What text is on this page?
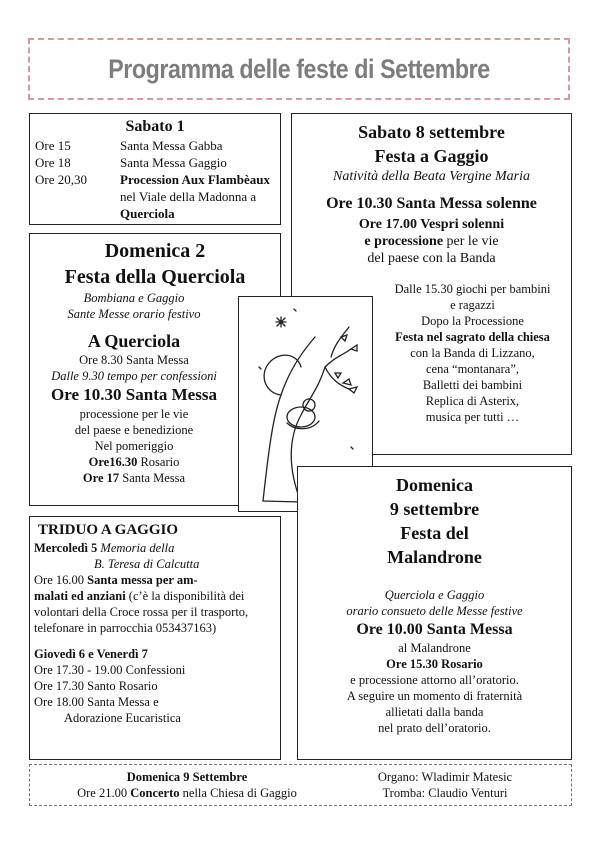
Programma delle feste di Settembre
Sabato 1
Ore 15	Santa Messa Gabba
Ore 18	Santa Messa Gaggio
Ore 20,30	Procession Aux Flambèaux nel Viale della Madonna a Querciola
Sabato 8 settembre
Festa a Gaggio
Natività della Beata Vergine Maria
Ore 10.30 Santa Messa solenne
Ore 17.00 Vespri solenni
e processione per le vie
del paese con la Banda
Dalle 15.30 giochi per bambini
e ragazzi
Dopo la Processione
Festa nel sagrato della chiesa
con la Banda di Lizzano,
cena “montanara”,
Balletti dei bambini
Replica di Asterix,
musica per tutti …
Domenica 2
Festa della Querciola
Bombiana e Gaggio
Sante Messe orario festivo
A Querciola
Ore 8.30 Santa Messa
Dalle 9.30 tempo per confessioni
Ore 10.30 Santa Messa
processione per le vie
del paese e benedizione
Nel pomeriggio
Ore16.30 Rosario
Ore 17 Santa Messa
TRIDUO A GAGGIO
Mercoledì 5 Memoria della
B. Teresa di Calcutta
Ore 16.00 Santa messa per am-
malati ed anziani (c’è la disponibilità dei
volontari della Croce rossa per il trasporto,
telefonare in parrocchia 053437163)
Giovedì 6 e Venerdì 7
Ore 17.30 - 19.00 Confessioni
Ore 17.30 Santo Rosario
Ore 18.00 Santa Messa e
Adorazione Eucaristica
Domenica
9 settembre
Festa del
Malandrone
Querciola e Gaggio
orario consueto delle Messe festive
Ore 10.00 Santa Messa
al Malandrone
Ore 15.30 Rosario
e processione attorno all’oratorio.
A seguire un momento di fraternità
allietati dalla banda
nel prato dell’oratorio.
Domenica 9 Settembre
Ore 21.00 Concerto nella Chiesa di Gaggio
Organo: Wladimir Matesic
Tromba: Claudio Venturi
